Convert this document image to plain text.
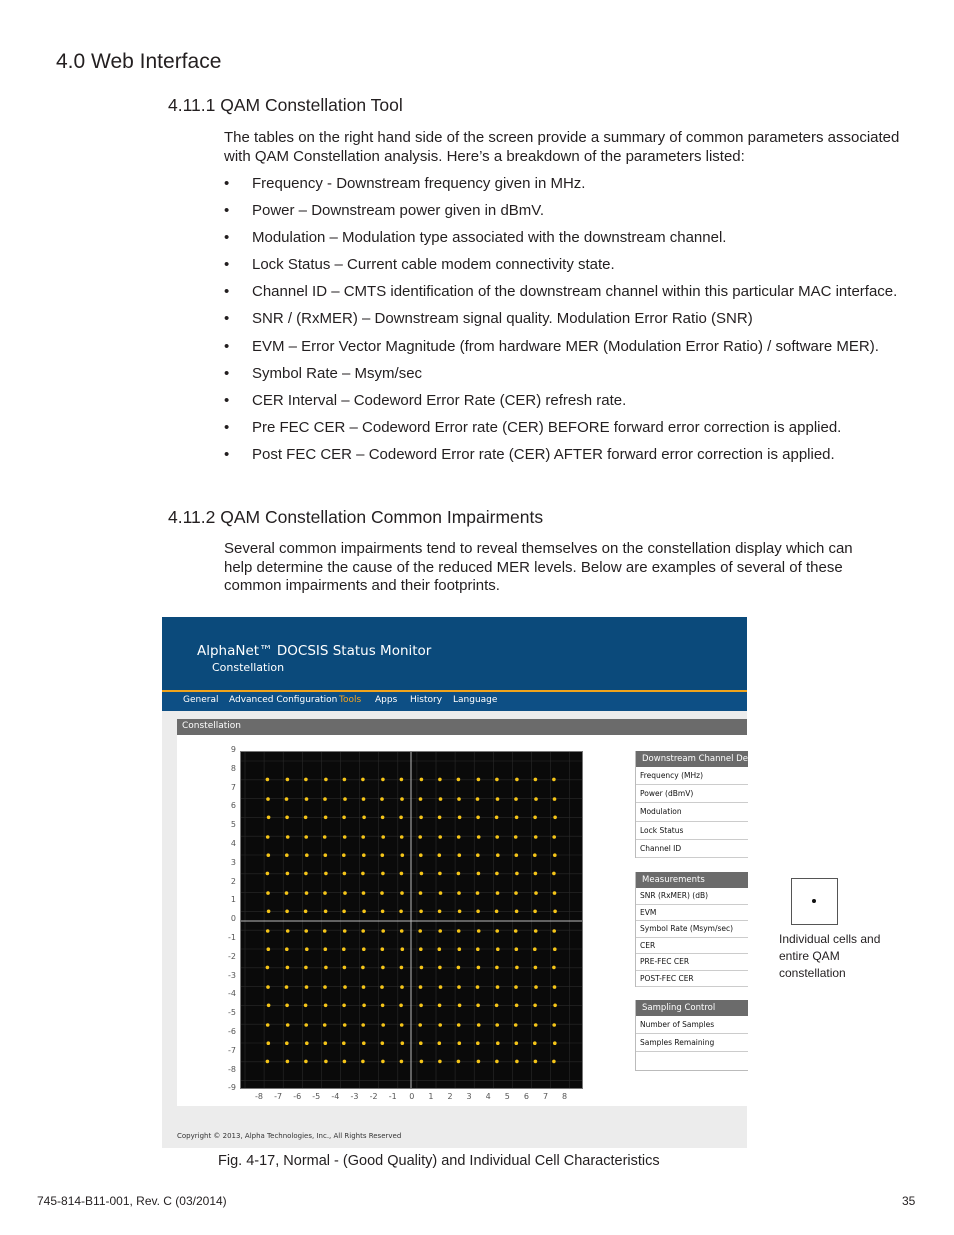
4.0 Web Interface
4.11.1 QAM Constellation Tool

The tables on the right hand side of the screen provide a summary of common parameters associated with QAM Constellation analysis. Here’s a breakdown of the parameters listed:

• Frequency - Downstream frequency given in MHz.
• Power – Downstream power given in dBmV.
• Modulation – Modulation type associated with the downstream channel.
• Lock Status – Current cable modem connectivity state.
• Channel ID – CMTS identification of the downstream channel within this particular MAC interface.
• SNR / (RxMER) – Downstream signal quality. Modulation Error Ratio (SNR)
• EVM – Error Vector Magnitude (from hardware MER (Modulation Error Ratio) / software MER).
• Symbol Rate – Msym/sec
• CER Interval – Codeword Error Rate (CER) refresh rate.
• Pre FEC CER – Codeword Error rate (CER) BEFORE forward error correction is applied.
• Post FEC CER – Codeword Error rate (CER) AFTER forward error correction is applied.
4.11.2 QAM Constellation Common Impairments

Several common impairments tend to reveal themselves on the constellation display which can help determine the cause of the reduced MER levels. Below are examples of several of these common impairments and their footprints.

AlphaNet™ DOCSIS Status Monitor
Constellation
General Advanced Configuration Tools Apps History Language
Constellation
9
8
7
6
5
4
3
2
1
0
-1
-2
-3
-4
-5
-6
-7
-8
-9
-8	-7	-6	-5	-4	-3	-2	-1	0	1	2	3	4	5	6	7	8
Downstream Channel Details
Frequency (MHz)
Power (dBmV)
Modulation
Lock Status
Channel ID
Measurements
SNR (RxMER) (dB)
EVM
Symbol Rate (Msym/sec)
CER
PRE-FEC CER
POST-FEC CER
Sampling Control
Number of Samples
Samples Remaining
Copyright © 2013, Alpha Technologies, Inc., All Rights Reserved
Individual cells and entire QAM constellation
Fig. 4-17, Normal - (Good Quality) and Individual Cell Characteristics
745-814-B11-001, Rev. C (03/2014)	35
